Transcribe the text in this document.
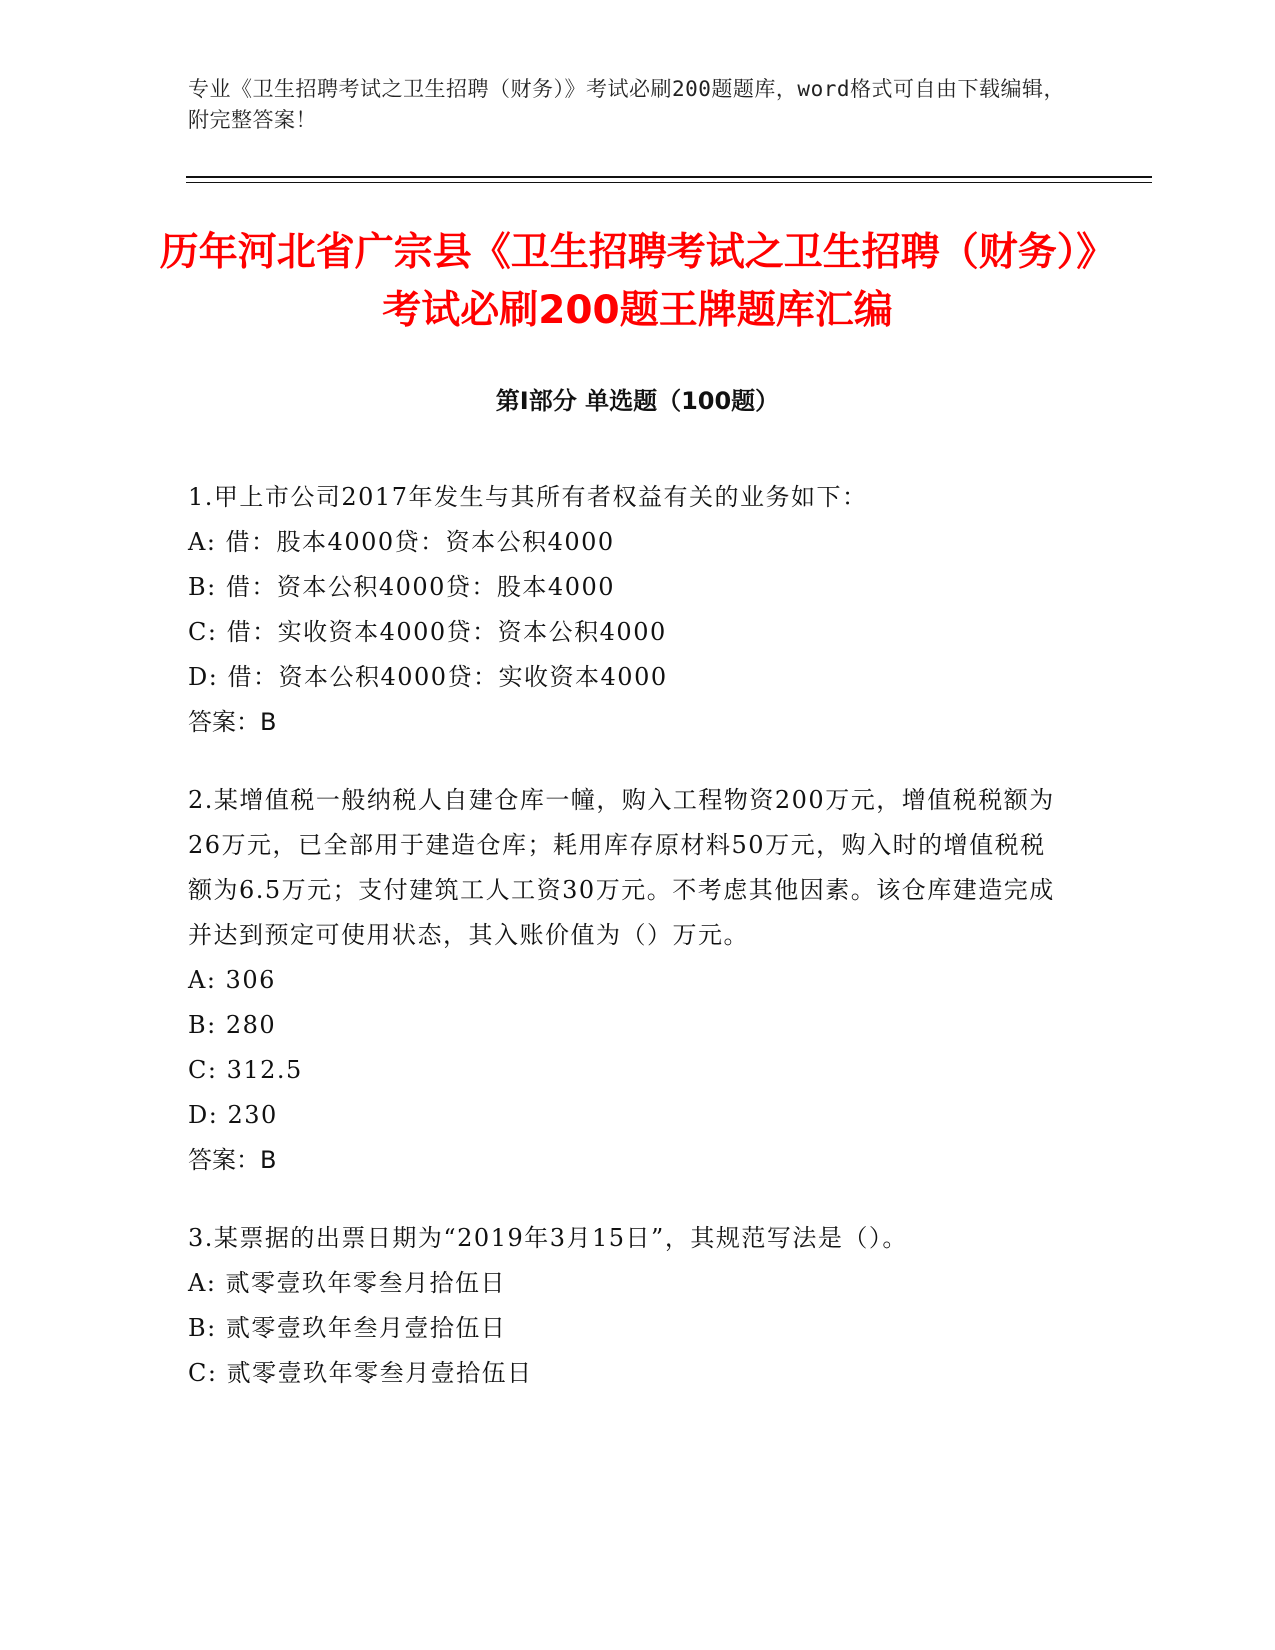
专业《卫生招聘考试之卫生招聘（财务）》考试必刷200题题库，word格式可自由下载编辑，附完整答案！
历年河北省广宗县《卫生招聘考试之卫生招聘（财务）》考试必刷200题王牌题库汇编
第Ⅰ部分 单选题（100题）

1.甲上市公司2017年发生与其所有者权益有关的业务如下：

A: 借：股本4000贷：资本公积4000

B: 借：资本公积4000贷：股本4000

C: 借：实收资本4000贷：资本公积4000

D: 借：资本公积4000贷：实收资本4000

答案：B

2.某增值税一般纳税人自建仓库一幢，购入工程物资200万元，增值税税额为26万元，已全部用于建造仓库；耗用库存原材料50万元，购入时的增值税税额为6.5万元；支付建筑工人工资30万元。不考虑其他因素。该仓库建造完成并达到预定可使用状态，其入账价值为（）万元。

A: 306

B: 280

C: 312.5

D: 230

答案：B

3.某票据的出票日期为“2019年3月15日”，其规范写法是（）。

A: 贰零壹玖年零叁月拾伍日

B: 贰零壹玖年叁月壹拾伍日

C: 贰零壹玖年零叁月壹拾伍日
